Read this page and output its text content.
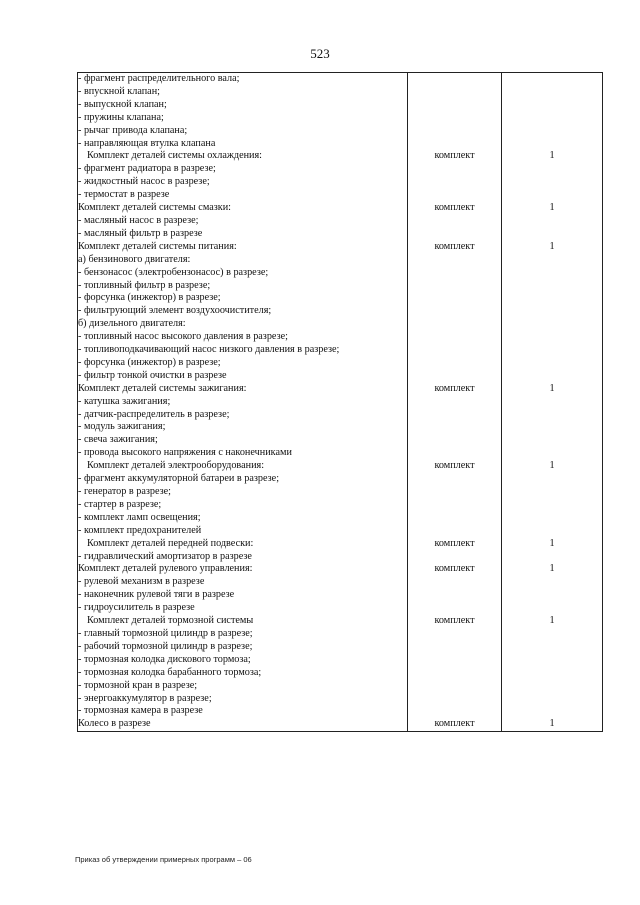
523
- фрагмент распределительного вала;		
- впускной клапан;		
- выпускной клапан;		
- пружины клапана;		
- рычаг привода клапана;		
- направляющая втулка клапана		
Комплект деталей системы охлаждения:	комплект	1
- фрагмент радиатора в разрезе;		
- жидкостный насос в разрезе;		
- термостат в разрезе		
Комплект деталей системы смазки:	комплект	1
- масляный насос в разрезе;		
- масляный фильтр в разрезе		
Комплект деталей системы питания:	комплект	1
а) бензинового двигателя:		
- бензонасос (электробензонасос) в разрезе;		
- топливный фильтр в разрезе;		
- форсунка (инжектор) в разрезе;		
- фильтрующий элемент воздухоочистителя;		
б) дизельного двигателя:		
- топливный насос высокого давления в разрезе;		
- топливоподкачивающий насос низкого давления в разрезе;		
- форсунка (инжектор) в разрезе;		
- фильтр тонкой очистки в разрезе		
Комплект деталей системы зажигания:	комплект	1
- катушка зажигания;		
- датчик-распределитель в разрезе;		
- модуль зажигания;		
- свеча зажигания;		
- провода высокого напряжения с наконечниками		
Комплект деталей электрооборудования:	комплект	1
- фрагмент аккумуляторной батареи в разрезе;		
- генератор в разрезе;		
- стартер в разрезе;		
- комплект ламп освещения;		
- комплект предохранителей		
Комплект деталей передней подвески:	комплект	1
- гидравлический амортизатор в разрезе		
Комплект деталей рулевого управления:	комплект	1
- рулевой механизм в разрезе		
- наконечник рулевой тяги в разрезе		
- гидроусилитель в разрезе		
Комплект деталей тормозной системы	комплект	1
- главный тормозной цилиндр в разрезе;		
- рабочий тормозной цилиндр в разрезе;		
- тормозная колодка дискового тормоза;		
- тормозная колодка барабанного тормоза;		
- тормозной кран в разрезе;		
- энергоаккумулятор в разрезе;		
- тормозная камера в разрезе		
Колесо в разрезе	комплект	1
Приказ об утверждении примерных программ – 06
